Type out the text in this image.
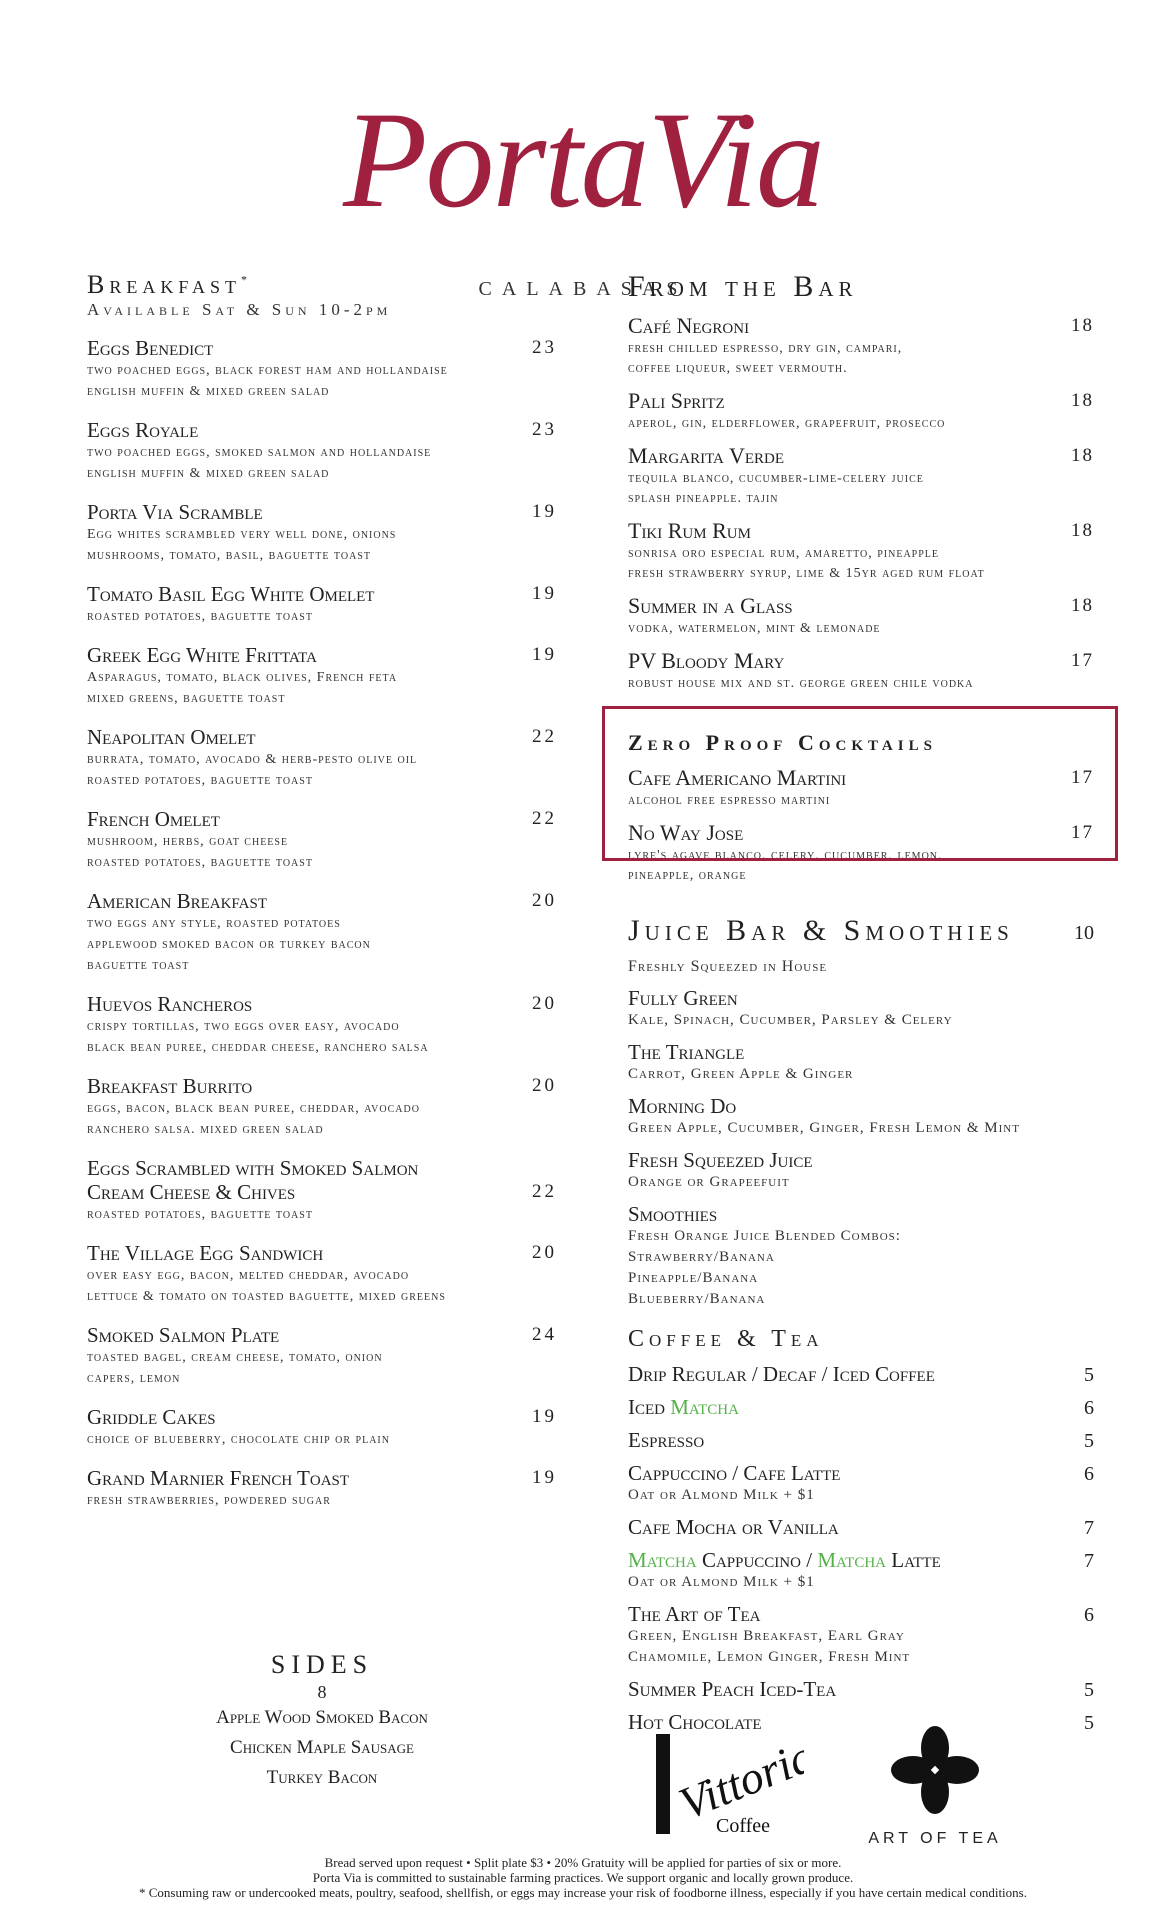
PortaVia
CALABASAS
Breakfast*
Available Sat & Sun 10-2pm
Eggs Benedict	23
two poached eggs, black forest ham and hollandaise
english muffin & mixed green salad
Eggs Royale	23
two poached eggs, smoked salmon and hollandaise
english muffin & mixed green salad
Porta Via Scramble	19
Egg whites scrambled very well done, onions
mushrooms, tomato, basil, baguette toast
Tomato Basil Egg White Omelet	19
roasted potatoes, baguette toast
Greek Egg White Frittata	19
Asparagus, tomato, black olives, French feta
mixed greens, baguette toast
Neapolitan Omelet	22
burrata, tomato, avocado & herb-pesto olive oil
roasted potatoes, baguette toast
French Omelet	22
mushroom, herbs, goat cheese
roasted potatoes, baguette toast
American Breakfast	20
two eggs any style, roasted potatoes
applewood smoked bacon or turkey bacon
baguette toast
Huevos Rancheros	20
crispy tortillas, two eggs over easy, avocado
black bean puree, cheddar cheese, ranchero salsa
Breakfast Burrito	20
eggs, bacon, black bean puree, cheddar, avocado
ranchero salsa. mixed green salad
Eggs Scrambled with Smoked Salmon
Cream Cheese & Chives	22
roasted potatoes, baguette toast
The Village Egg Sandwich	20
over easy egg, bacon, melted cheddar, avocado
lettuce & tomato on toasted baguette, mixed greens
Smoked Salmon Plate	24
toasted bagel, cream cheese, tomato, onion
capers, lemon
Griddle Cakes	19
choice of blueberry, chocolate chip or plain
Grand Marnier French Toast	19
fresh strawberries, powdered sugar
SIDES
8
Apple Wood Smoked Bacon
Chicken Maple Sausage
Turkey Bacon
From the Bar
Café Negroni	18
fresh chilled espresso, dry gin, campari,
coffee liqueur, sweet vermouth.
Pali Spritz	18
aperol, gin, elderflower, grapefruit, prosecco
Margarita Verde	18
tequila blanco, cucumber-lime-celery juice
splash pineapple. tajin
Tiki Rum Rum	18
sonrisa oro especial rum, amaretto, pineapple
fresh strawberry syrup, lime & 15yr aged rum float
Summer in a Glass	18
vodka, watermelon, mint & lemonade
PV Bloody Mary	17
robust house mix and st. george green chile vodka
Zero Proof Cocktails
Cafe Americano Martini	17
alcohol free espresso martini
No Way Jose	17
lyre's agave blanco, celery, cucumber, lemon,
pineapple, orange
Juice Bar & Smoothies	10
Freshly Squeezed in House
Fully Green
Kale, Spinach, Cucumber, Parsley & Celery
The Triangle
Carrot, Green Apple & Ginger
Morning Do
Green Apple, Cucumber, Ginger, Fresh Lemon & Mint
Fresh Squeezed Juice
Orange or Grapeefuit
Smoothies
Fresh Orange Juice Blended Combos:
Strawberry/Banana
Pineapple/Banana
Blueberry/Banana
Coffee & Tea
Drip Regular / Decaf / Iced Coffee	5
Iced Matcha	6
Espresso	5
Cappuccino / Cafe Latte	6
Oat or Almond Milk + $1
Cafe Mocha or Vanilla	7
Matcha Cappuccino / Matcha Latte	7
Oat or Almond Milk + $1
The Art of Tea	6
Green, English Breakfast, Earl Gray
Chamomile, Lemon Ginger, Fresh Mint
Summer Peach Iced-Tea	5
Hot Chocolate	5
Vittoria
Coffee
ART OF TEA
Bread served upon request • Split plate $3 • 20% Gratuity will be applied for parties of six or more.
Porta Via is committed to sustainable farming practices. We support organic and locally grown produce.
* Consuming raw or undercooked meats, poultry, seafood, shellfish, or eggs may increase your risk of foodborne illness, especially if you have certain medical conditions.
